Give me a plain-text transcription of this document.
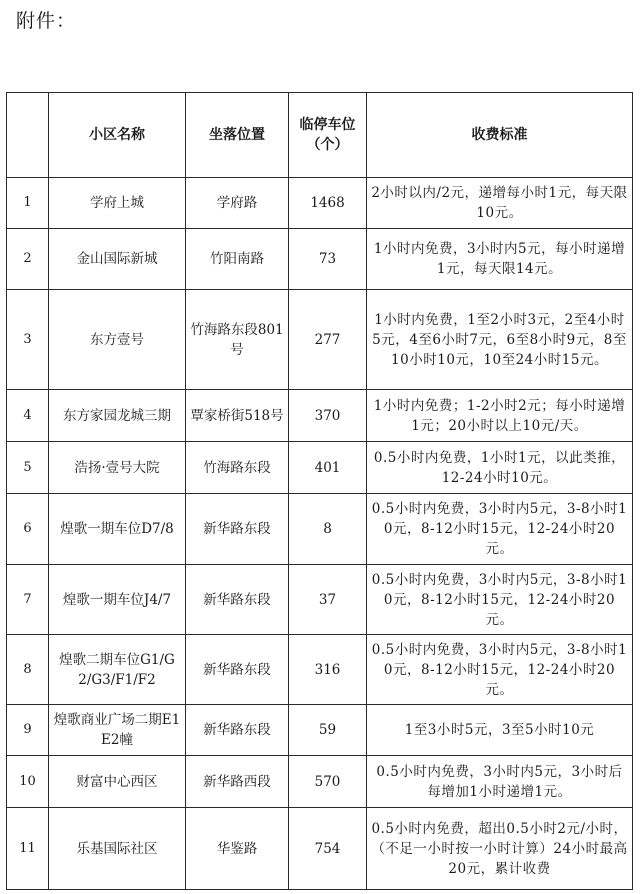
附件：
	小区名称	坐落位置	临停车位（个）	收费标准
1	学府上城	学府路	1468	2小时以内/2元，递增每小时1元，每天限10元。
2	金山国际新城	竹阳南路	73	1小时内免费，3小时内5元，每小时递增1元，每天限14元。
3	东方壹号	竹海路东段801号	277	1小时内免费，1至2小时3元，2至4小时5元，4至6小时7元，6至8小时9元，8至10小时10元，10至24小时15元。
4	东方家园龙城三期	覃家桥街518号	370	1小时内免费；1-2小时2元；每小时递增1元；20小时以上10元/天。
5	浩扬·壹号大院	竹海路东段	401	0.5小时内免费，1小时1元，以此类推，12-24小时10元。
6	煌歌一期车位D7/8	新华路东段	8	0.5小时内免费，3小时内5元，3-8小时10元，8-12小时15元，12-24小时20元。
7	煌歌一期车位J4/7	新华路东段	37	0.5小时内免费，3小时内5元，3-8小时10元，8-12小时15元，12-24小时20元。
8	煌歌二期车位G1/G2/G3/F1/F2	新华路东段	316	0.5小时内免费，3小时内5元，3-8小时10元，8-12小时15元，12-24小时20元。
9	煌歌商业广场二期E1E2幢	新华路东段	59	1至3小时5元，3至5小时10元
10	财富中心西区	新华路西段	570	0.5小时内免费，3小时内5元，3小时后每增加1小时递增1元。
11	乐基国际社区	华鉴路	754	0.5小时内免费，超出0.5小时2元/小时，（不足一小时按一小时计算）24小时最高20元，累计收费
